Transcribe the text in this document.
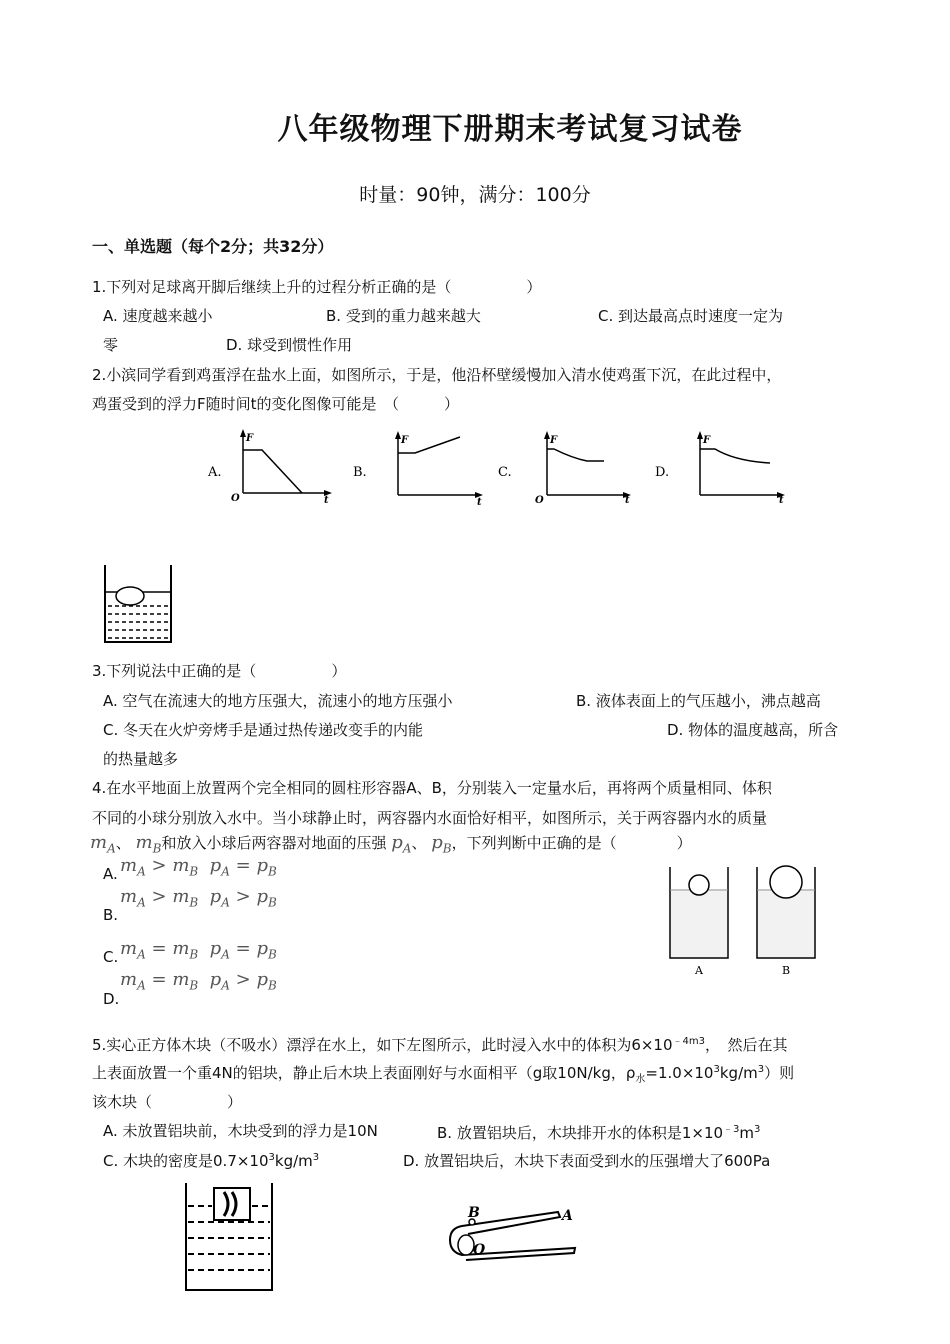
八年级物理下册期末考试复习试卷
时量：90钟，满分：100分
一、单选题（每个2分；共32分）
1.下列对足球离开脚后继续上升的过程分析正确的是（　　　　　）
A. 速度越来越小	B. 受到的重力越来越大	C. 到达最高点时速度一定为
零	D. 球受到惯性作用
2.小滨同学看到鸡蛋浮在盐水上面，如图所示，于是，他沿杯壁缓慢加入清水使鸡蛋下沉，在此过程中，
鸡蛋受到的浮力F随时间t的变化图像可能是　（　　　）
A.
F
O	t
B.
F
t
C.
F
O	t
D.
F
t
3.下列说法中正确的是（　　　　　）
A. 空气在流速大的地方压强大，流速小的地方压强小	B. 液体表面上的气压越小，沸点越高
C. 冬天在火炉旁烤手是通过热传递改变手的内能	D. 物体的温度越高，所含
的热量越多
4.在水平地面上放置两个完全相同的圆柱形容器A、B，分别装入一定量水后，再将两个质量相同、体积
不同的小球分别放入水中。当小球静止时，两容器内水面恰好相平，如图所示，关于两容器内水的质量
$m_A$、 $m_B$和放入小球后两容器对地面的压强 $p_A$、 $p_B$，下列判断中正确的是（　　　　）
A. $m_A > m_B$ $p_A = p_B$
$m_A > m_B$ $p_A > p_B$
B.
C. $m_A = m_B$ $p_A = p_B$
$m_A = m_B$ $p_A > p_B$
D.
A	B
5.实心正方体木块（不吸水）漂浮在水上，如下左图所示，此时浸入水中的体积为$6\times 10^{﹣4m3}$，　然后在其
上表面放置一个重4N的铝块，静止后木块上表面刚好与水面相平（g取10N/kg，$\rho_水=1.0\times 10^3kg/m^3$）则
该木块（　　　　　）
A. 未放置铝块前，木块受到的浮力是10N	B. 放置铝块后，木块排开水的体积是$1\times 10^{﹣3}m^3$
C. 木块的密度是$0.7\times 10^3kg/m^3$	D. 放置铝块后，木块下表面受到水的压强增大了600Pa
B	A
O
